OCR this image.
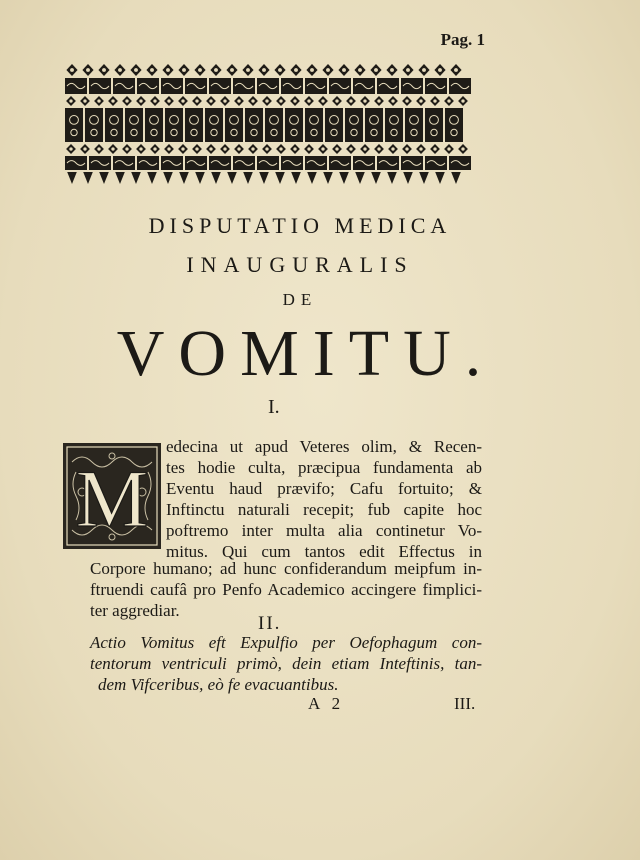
Pag. 1
DISPUTATIO MEDICA
INAUGURALIS
DE
VOMITU.
I.
M
edecina ut apud Veteres olim, & Recen-
tes hodie culta, præcipua fundamenta ab
Eventu haud prævifo; Cafu fortuito; &
Inftinctu naturali recepit; fub capite hoc
poftremo inter multa alia continetur Vo-
mitus. Qui cum tantos edit Effectus in
Corpore humano; ad hunc confiderandum meipfum in-
ftruendi caufâ pro Penfo Academico accingere fimplici-
ter aggrediar.
II.
Actio Vomitus eft Expulfio per Oefophagum con-
tentorum ventriculi primò, dein etiam Inteftinis, tan-
dem Vifceribus, eò fe evacuantibus.
A 2	III.
